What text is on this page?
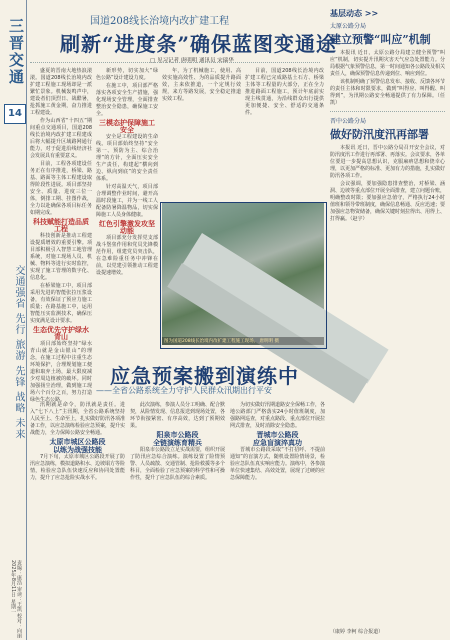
三晋交通
14
交通强省 先行 旅游 先锋 战略 未来
责编：康浩 审读：王凯 校对：向丽 2025年8月11日 星期一
国道208线长治境内改扩建工程
刷新“进度条”确保蓝图变通途
□ 见习记者 唐明明 通讯员 宋瑞华

盛夏的晋南大地热浪滚滚。国道208线长治境内改扩建工程施工现场却是一派繁忙景象。机械轰鸣声中，建设者们顶烈日、战酷暑，抢抓施工黄金期，奋力推进工程建设。

作为山西省“十四五”期间重点交通项目，国道208线长治境内改扩建工程建成后将大幅提升区域路网通行能力，对于促进沿线经济社会发展具有重要意义。

目前，工程各项建设任务正在有序推进，桥梁、路基、路面等主体工程建设取得阶段性进展。项目部坚持安全、质量、进度三位一体，倒排工期、挂图作战，全力以赴确保各项目标任务如期完成。

科技赋能打造品质工程

科技创新是推动工程建设提质增效的重要引擎。项目部积极引入智慧工地管理系统，对施工现场人员、机械、物料等进行实时监控，实现了施工管理的数字化、信息化。

在桥梁施工中，项目部采用先进的智能张拉压浆设备，有效保证了预应力施工质量；在路基施工中，运用智能压实监测技术，确保压实度满足设计要求。

生态优先守护绿水青山

项目部始终坚持“绿水青山就是金山银山”的理念，在施工过程中注重生态环境保护，合理规划施工便道和取弃土场，最大限度减少对周边植被的破坏。同时加强扬尘治理，做到施工现场六个百分之百，努力打造绿色生态公路。

新形势，切实加大“绿色公路”设计建设力度。

在施工中，项目部严格落实各项安全生产措施，强化现场安全管理，全面排查整治安全隐患，确保施工安全。

三模态护保障施工安全

安全是工程建设的生命线。项目部始终坚持“安全第一、预防为主、综合治理”的方针，全面压实安全生产责任，构建起“横向到边、纵向到底”的安全责任体系。

针对高温天气，项目部合理调整作业时间，避开高温时段施工，并为一线工人配备防暑降温物品，切实保障施工人员身体健康。

红色引擎激发攻坚动能

项目部充分发挥党支部战斗堡垒作用和党员先锋模范作用，组建党员突击队，在急难险重任务中冲锋在前，以党建引领推动工程建设提速增效。

年，为了机械施工，使用、高效实施高效性、为的品质提升路面效，主来依推道，一个定规行效规，来方等路发展，安全稳定推道实效工程。

目前，国道208线长治境内改扩建工程已完成路基土石方、桥梁主体等工程量的大部分，正在全力推进路面工程施工，预计年底前实现主线贯通，为沿线群众出行提供更加便捷、安全、舒适的交通条件。

图为国道208线长治境内改扩建工程施工现场。 唐明明 摄
应急预案搬到演练中
——全省公路系统全力守护人民群众汛期出行平安

汛期就是命令，防汛就是责任。进入“七下八上”主汛期，全省公路系统坚持人民至上、生命至上，扎实做好防汛各项准备工作，以应急演练检验应急预案，提升实战能力，全力保障公路安全畅通。

太原市城区公路段

以练为战强技能

7月下旬，太原市城区公路段开展了防汛应急演练，模拟道路积水、边坡塌方等险情，检验应急队伍快速反应和协同处置能力，提升了应急抢险实战水平。

此次演练，参演人员分工明确、配合默契，从险情发现、信息报送到现场处置，各环节衔接紧密、有序高效，达到了预期效果。

阳泉市公路段

全链演练育精兵

阳泉市公路段立足实战需要，组织开展了防汛应急综合演练。演练设置了险情预警、人员疏散、交通管制、抢险救援等多个科目，全面检验了应急预案的科学性和可操作性，提升了应急队伍的综合素质。

为切实做好汛期道路安全保畅工作，各地公路部门严格落实24小时值班制度，加强路网巡查，对重点路段、重点部位开展拉网式排查，及时消除安全隐患。

晋城市公路段

应急盲演淬真功

晋城市公路段采取“不打招呼、不提前通知”的盲演方式，随机设置险情场景，检验应急队伍真实响应能力。演练中，各参演单位快速集结、高效处置，展现了过硬的应急保障能力。

基层动态 >>
太原公路分局
建立预警“叫应”机制

本报讯 近日，太原公路分局建立健全预警“叫应”机制，切实提升汛期灾害天气应急处置能力。分局根据气象预警信息，第一时间通知各公路段及相关责任人，确保预警信息传递到位、响应到位。

该机制明确了预警信息发布、接收、反馈各环节的责任主体和时限要求，做到“叫得应、叫得醒、叫得到”，为汛期公路安全畅通提供了有力保障。（任凯）

晋中公路分局
做好防汛度汛再部署

本报讯 近日，晋中公路分局召开安全会议，对防汛度汛工作进行再部署、再落实。会议要求，各单位要进一步提高思想认识，克服麻痹思想和侥幸心理，以更加严格的标准、更加有力的措施，扎实做好防汛各项工作。

会议强调，要加强隐患排查整治，对桥梁、涵洞、边坡等重点部位开展全面排查，建立问题台账，明确整改时限；要加强应急值守，严格执行24小时值班和领导带班制度，确保信息畅通、反应迅速；要加强应急物资储备，确保关键时刻拉得出、用得上、打得赢。（赵宇）

（康婷 李柯 综合报道）
